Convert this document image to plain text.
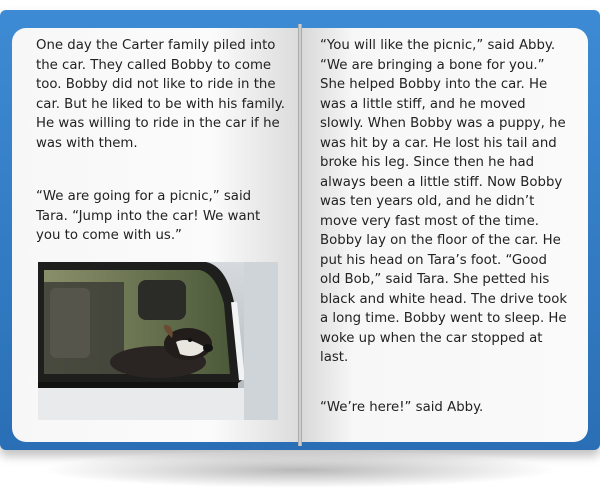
One day the Carter family piled into the car. They called Bobby to come too. Bobby did not like to ride in the car. But he liked to be with his family. He was willing to ride in the car if he was with them.

“We are going for a picnic,” said Tara. “Jump into the car! We want you to come with us.”

“You will like the picnic,” said Abby. “We are bringing a bone for you.” She helped Bobby into the car. He was a little stiff, and he moved slowly. When Bobby was a puppy, he was hit by a car. He lost his tail and broke his leg. Since then he had always been a little stiff. Now Bobby was ten years old, and he didn’t move very fast most of the time. Bobby lay on the floor of the car. He put his head on Tara’s foot. “Good old Bob,” said Tara. She petted his black and white head. The drive took a long time. Bobby went to sleep. He woke up when the car stopped at last.

“We’re here!” said Abby.
